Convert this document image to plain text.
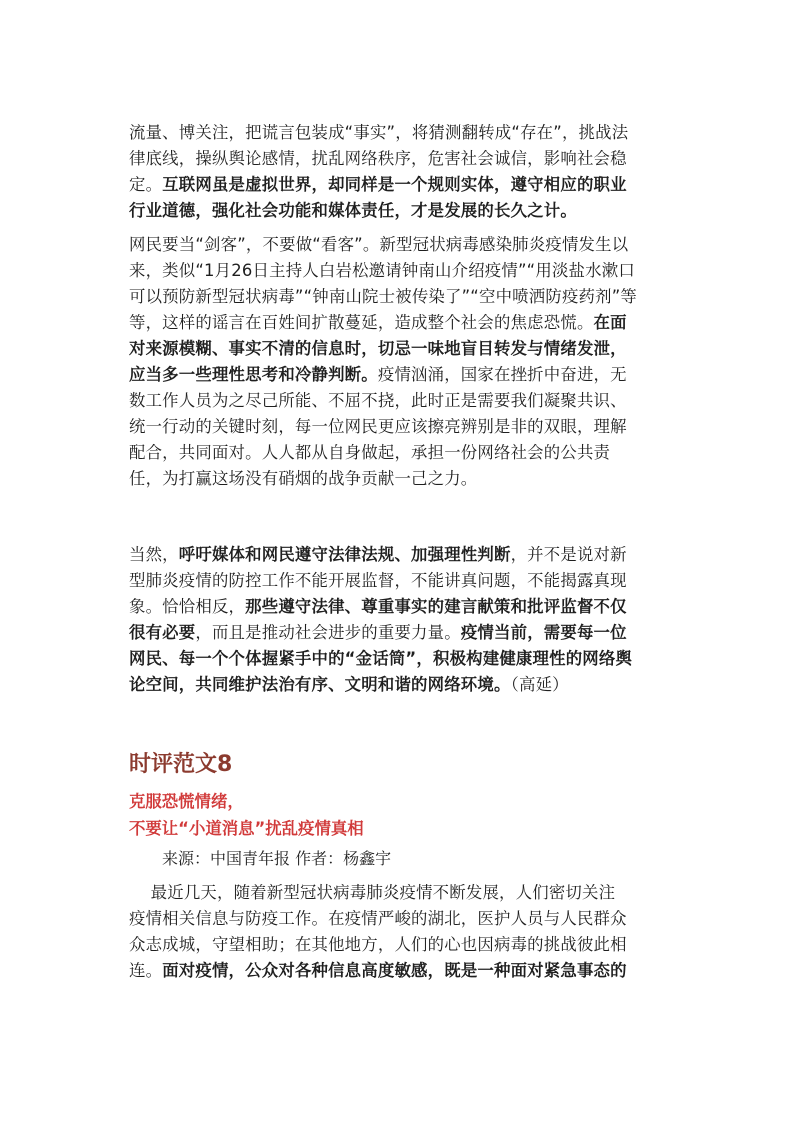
流量、博关注，把谎言包装成“事实”，将猜测翻转成“存在”，挑战法
律底线，操纵舆论感情，扰乱网络秩序，危害社会诚信，影响社会稳
定。互联网虽是虚拟世界，却同样是一个规则实体，遵守相应的职业
行业道德，强化社会功能和媒体责任，才是发展的长久之计。
网民要当“剑客”，不要做“看客”。新型冠状病毒感染肺炎疫情发生以
来，类似“1月26日主持人白岩松邀请钟南山介绍疫情”“用淡盐水漱口
可以预防新型冠状病毒”“钟南山院士被传染了”“空中喷洒防疫药剂”等
等，这样的谣言在百姓间扩散蔓延，造成整个社会的焦虑恐慌。在面
对来源模糊、事实不清的信息时，切忌一味地盲目转发与情绪发泄，
应当多一些理性思考和冷静判断。疫情汹涌，国家在挫折中奋进，无
数工作人员为之尽己所能、不屈不挠，此时正是需要我们凝聚共识、
统一行动的关键时刻，每一位网民更应该擦亮辨别是非的双眼，理解
配合，共同面对。人人都从自身做起，承担一份网络社会的公共责
任，为打赢这场没有硝烟的战争贡献一己之力。
当然，呼吁媒体和网民遵守法律法规、加强理性判断，并不是说对新
型肺炎疫情的防控工作不能开展监督，不能讲真问题，不能揭露真现
象。恰恰相反，那些遵守法律、尊重事实的建言献策和批评监督不仅
很有必要，而且是推动社会进步的重要力量。疫情当前，需要每一位
网民、每一个个体握紧手中的“金话筒”，积极构建健康理性的网络舆
论空间，共同维护法治有序、文明和谐的网络环境。（高延）
时评范文8
克服恐慌情绪，
不要让“小道消息”扰乱疫情真相
来源：中国青年报 作者：杨鑫宇
最近几天，随着新型冠状病毒肺炎疫情不断发展，人们密切关注
疫情相关信息与防疫工作。在疫情严峻的湖北，医护人员与人民群众
众志成城，守望相助；在其他地方，人们的心也因病毒的挑战彼此相
连。面对疫情，公众对各种信息高度敏感，既是一种面对紧急事态的
